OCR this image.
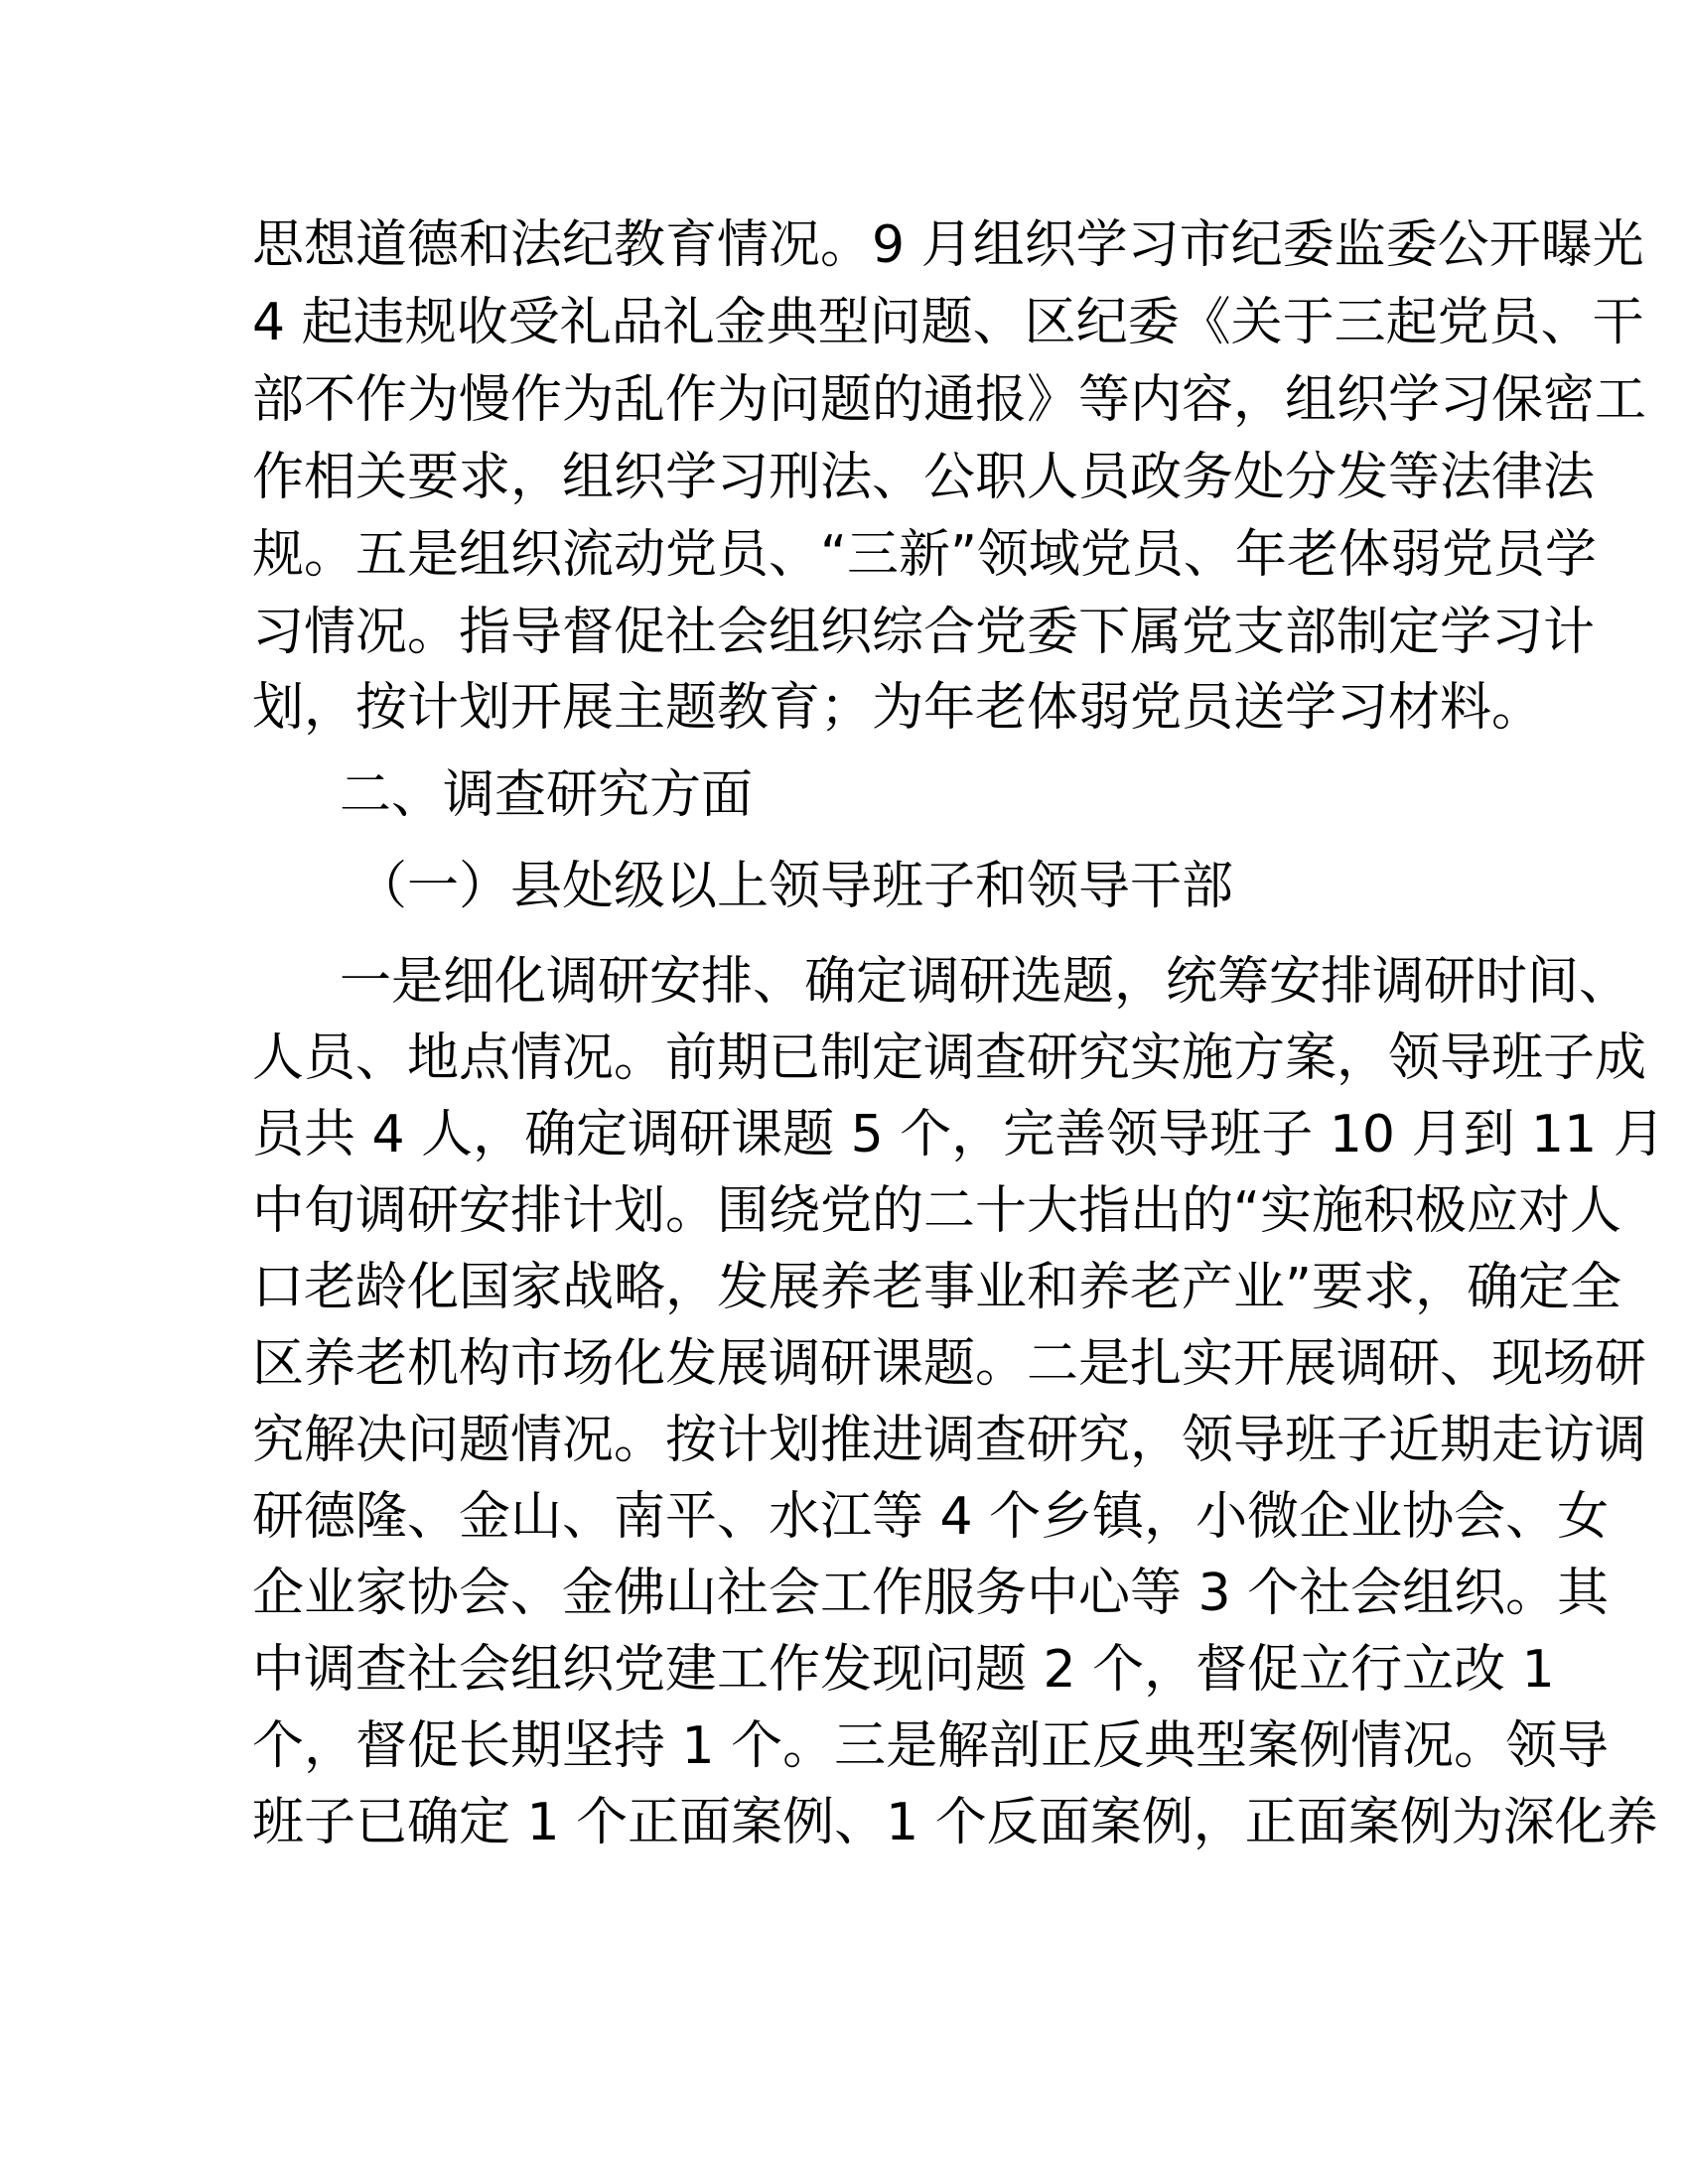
思想道德和法纪教育情况。9 月组织学习市纪委监委公开曝光
4 起违规收受礼品礼金典型问题、区纪委《关于三起党员、干
部不作为慢作为乱作为问题的通报》等内容，组织学习保密工
作相关要求，组织学习刑法、公职人员政务处分发等法律法
规。五是组织流动党员、“三新”领域党员、年老体弱党员学
习情况。指导督促社会组织综合党委下属党支部制定学习计
划，按计划开展主题教育；为年老体弱党员送学习材料。
二、调查研究方面
（一）县处级以上领导班子和领导干部
一是细化调研安排、确定调研选题，统筹安排调研时间、
人员、地点情况。前期已制定调查研究实施方案，领导班子成
员共 4 人，确定调研课题 5 个，完善领导班子 10 月到 11 月
中旬调研安排计划。围绕党的二十大指出的“实施积极应对人
口老龄化国家战略，发展养老事业和养老产业”要求，确定全
区养老机构市场化发展调研课题。二是扎实开展调研、现场研
究解决问题情况。按计划推进调查研究，领导班子近期走访调
研德隆、金山、南平、水江等 4 个乡镇，小微企业协会、女
企业家协会、金佛山社会工作服务中心等 3 个社会组织。其
中调查社会组织党建工作发现问题 2 个，督促立行立改 1
个，督促长期坚持 1 个。三是解剖正反典型案例情况。领导
班子已确定 1 个正面案例、1 个反面案例，正面案例为深化养
